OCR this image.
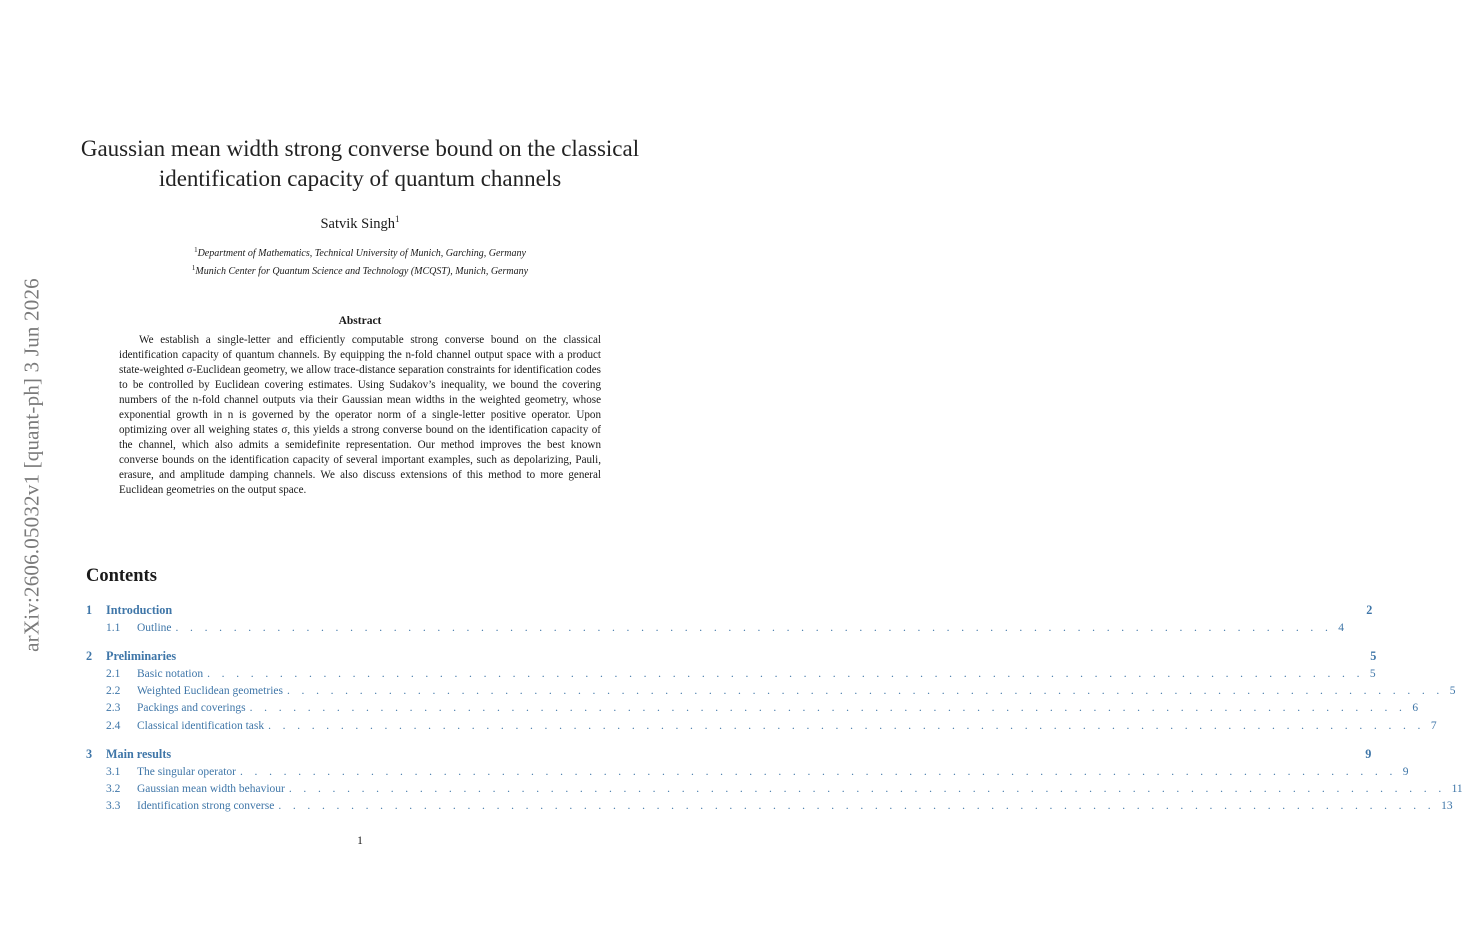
arXiv:2606.05032v1 [quant-ph] 3 Jun 2026
Gaussian mean width strong converse bound on the classical identification capacity of quantum channels
Satvik Singh$^1$
$^1$Department of Mathematics, Technical University of Munich, Garching, Germany
$^1$Munich Center for Quantum Science and Technology (MCQST), Munich, Germany
Abstract
We establish a single-letter and efficiently computable strong converse bound on the classical identification capacity of quantum channels. By equipping the n-fold channel output space with a product state-weighted σ-Euclidean geometry, we allow trace-distance separation constraints for identification codes to be controlled by Euclidean covering estimates. Using Sudakov’s inequality, we bound the covering numbers of the n-fold channel outputs via their Gaussian mean widths in the weighted geometry, whose exponential growth in n is governed by the operator norm of a single-letter positive operator. Upon optimizing over all weighing states σ, this yields a strong converse bound on the identification capacity of the channel, which also admits a semidefinite representation. Our method improves the best known converse bounds on the identification capacity of several important examples, such as depolarizing, Pauli, erasure, and amplitude damping channels. We also discuss extensions of this method to more general Euclidean geometries on the output space.
Contents
1	Introduction	2
1.1	Outline . . . . . . . . . . . . . . . . . . . . . . . . . . . . . . . . . . . . . . . . . . . . . . . . . . . . . . . . . . . . . . . . . . . . . . . . . . . . . . . . 4
2	Preliminaries	5
2.1	Basic notation . . . . . . . . . . . . . . . . . . . . . . . . . . . . . . . . . . . . . . . . . . . . . . . . . . . . . . . . . . . . . . . . . . . . . . . . . . . . . . . . 5
2.2	Weighted Euclidean geometries . . . . . . . . . . . . . . . . . . . . . . . . . . . . . . . . . . . . . . . . . . . . . . . . . . . . . . . . . . . . . . . . . . . . . . . . . . . . . . . . 5
2.3	Packings and coverings . . . . . . . . . . . . . . . . . . . . . . . . . . . . . . . . . . . . . . . . . . . . . . . . . . . . . . . . . . . . . . . . . . . . . . . . . . . . . . . . 6
2.4	Classical identification task . . . . . . . . . . . . . . . . . . . . . . . . . . . . . . . . . . . . . . . . . . . . . . . . . . . . . . . . . . . . . . . . . . . . . . . . . . . . . . . . 7
3	Main results	9
3.1	The singular operator . . . . . . . . . . . . . . . . . . . . . . . . . . . . . . . . . . . . . . . . . . . . . . . . . . . . . . . . . . . . . . . . . . . . . . . . . . . . . . . . 9
3.2	Gaussian mean width behaviour . . . . . . . . . . . . . . . . . . . . . . . . . . . . . . . . . . . . . . . . . . . . . . . . . . . . . . . . . . . . . . . . . . . . . . . . . . . . . . . . 11
3.3	Identification strong converse . . . . . . . . . . . . . . . . . . . . . . . . . . . . . . . . . . . . . . . . . . . . . . . . . . . . . . . . . . . . . . . . . . . . . . . . . . . . . . . . 13
1
